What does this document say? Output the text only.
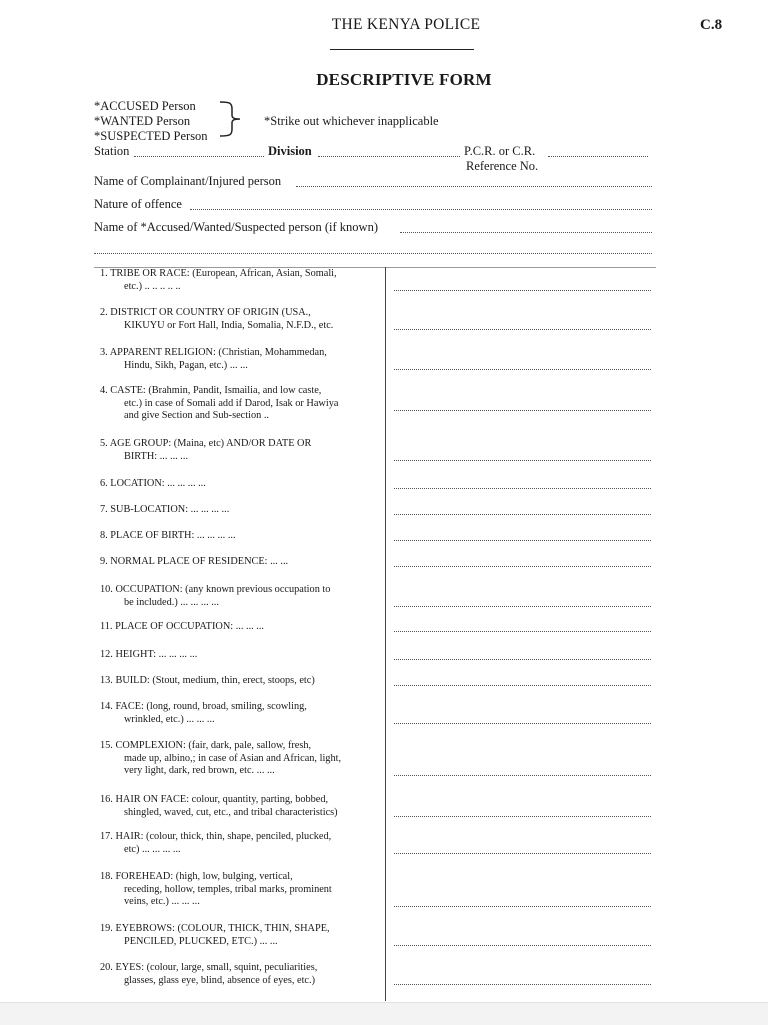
THE KENYA POLICE	C.8
DESCRIPTIVE FORM
*ACCUSED Person
*WANTED Person
*SUSPECTED Person
*Strike out whichever inapplicable
Station	Division	P.C.R. or C.R.
Reference No.
Name of Complainant/Injured person
Nature of offence
Name of *Accused/Wanted/Suspected person (if known)
1. TRIBE OR RACE: (European, African, Asian, Somali,
etc.) .. .. .. .. ..
2. DISTRICT OR COUNTRY OF ORIGIN (USA.,
KIKUYU or Fort Hall, India, Somalia, N.F.D., etc.
3. APPARENT RELIGION: (Christian, Mohammedan,
Hindu, Sikh, Pagan, etc.) ... ...
4. CASTE: (Brahmin, Pandit, Ismailia, and low caste,
etc.) in case of Somali add if Darod, Isak or Hawiya
and give Section and Sub-section ..
5. AGE GROUP: (Maina, etc) AND/OR DATE OR
BIRTH: ... ... ...
6. LOCATION: ... ... ... ...
7. SUB-LOCATION: ... ... ... ...
8. PLACE OF BIRTH: ... ... ... ...
9. NORMAL PLACE OF RESIDENCE: ... ...
10. OCCUPATION: (any known previous occupation to
be included.) ... ... ... ...
11. PLACE OF OCCUPATION: ... ... ...
12. HEIGHT: ... ... ... ...
13. BUILD: (Stout, medium, thin, erect, stoops, etc)
14. FACE: (long, round, broad, smiling, scowling,
wrinkled, etc.) ... ... ...
15. COMPLEXION: (fair, dark, pale, sallow, fresh,
made up, albino,; in case of Asian and African, light,
very light, dark, red brown, etc. ... ...
16. HAIR ON FACE: colour, quantity, parting, bobbed,
shingled, waved, cut, etc., and tribal characteristics)
17. HAIR: (colour, thick, thin, shape, penciled, plucked,
etc) ... ... ... ...
18. FOREHEAD: (high, low, bulging, vertical,
receding, hollow, temples, tribal marks, prominent
veins, etc.) ... ... ...
19. EYEBROWS: (COLOUR, THICK, THIN, SHAPE,
PENCILED, PLUCKED, ETC.) ... ...
20. EYES: (colour, large, small, squint, peculiarities,
glasses, glass eye, blind, absence of eyes, etc.)
